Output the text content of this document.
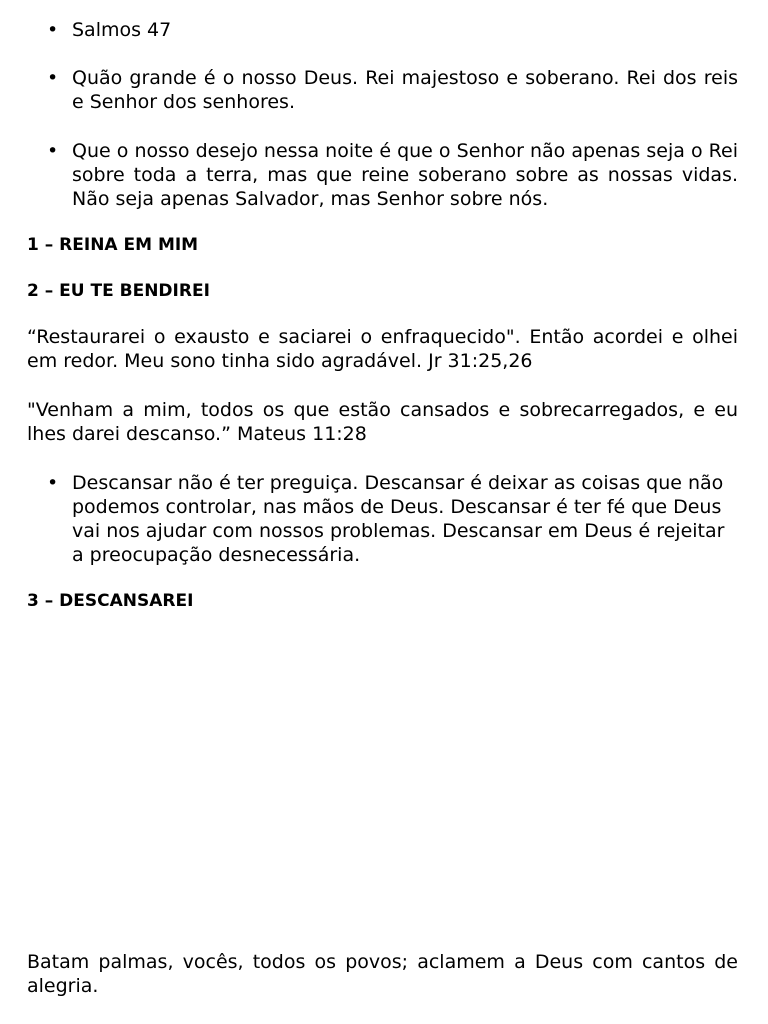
• Salmos 47
• Quão grande é o nosso Deus. Rei majestoso e soberano. Rei dos reis e Senhor dos senhores.
• Que o nosso desejo nessa noite é que o Senhor não apenas seja o Rei sobre toda a terra, mas que reine soberano sobre as nossas vidas. Não seja apenas Salvador, mas Senhor sobre nós.
1 – REINA EM MIM
2 – EU TE BENDIREI
“Restaurarei o exausto e saciarei o enfraquecido". Então acordei e olhei em redor. Meu sono tinha sido agradável. Jr 31:25,26
"Venham a mim, todos os que estão cansados e sobrecarregados, e eu lhes darei descanso.” Mateus 11:28
• Descansar não é ter preguiça. Descansar é deixar as coisas que não podemos controlar, nas mãos de Deus. Descansar é ter fé que Deus vai nos ajudar com nossos problemas. Descansar em Deus é rejeitar a preocupação desnecessária.
3 – DESCANSAREI
Batam palmas, vocês, todos os povos; aclamem a Deus com cantos de alegria.
